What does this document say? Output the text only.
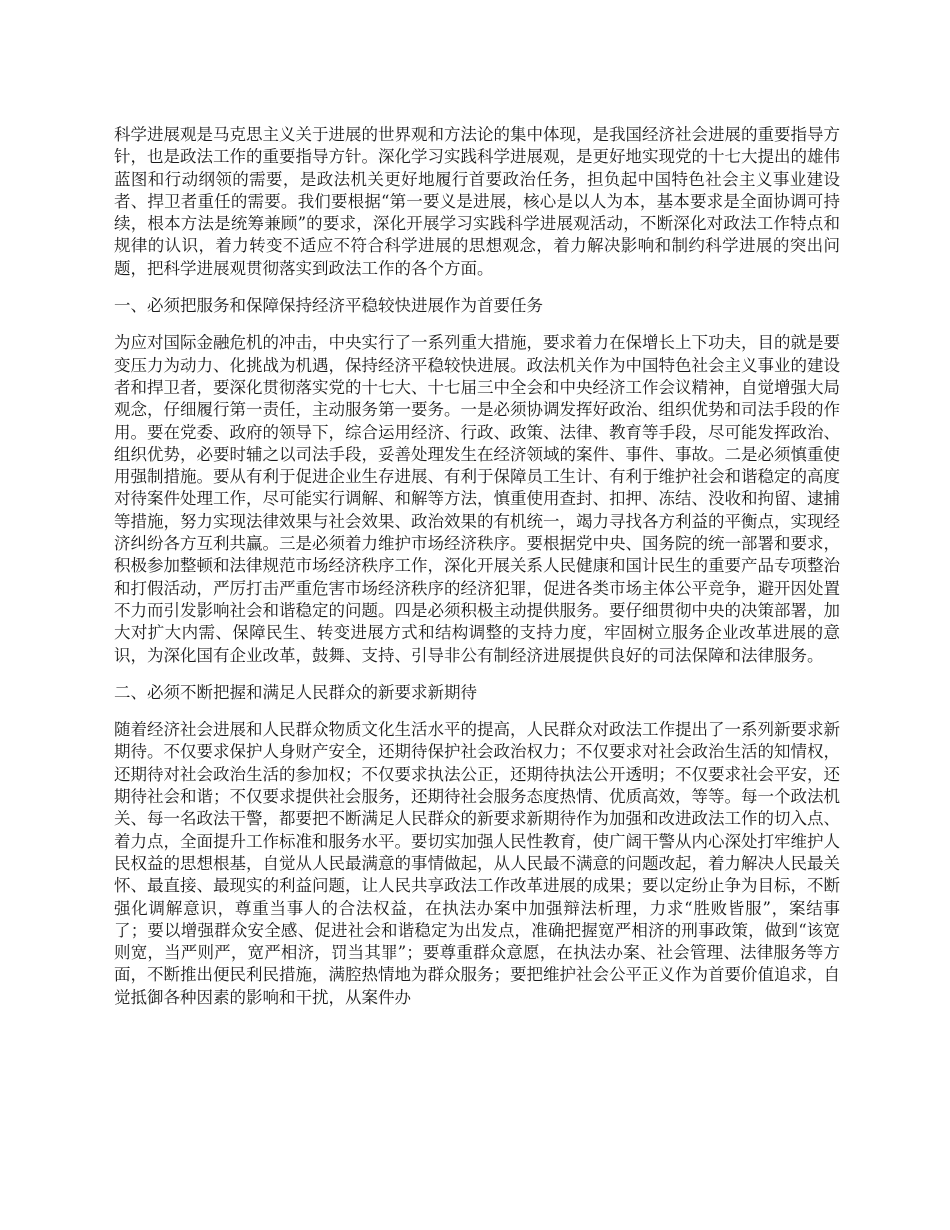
科学进展观是马克思主义关于进展的世界观和方法论的集中体现，是我国经济社会进展的重要指导方针，也是政法工作的重要指导方针。深化学习实践科学进展观，是更好地实现党的十七大提出的雄伟蓝图和行动纲领的需要，是政法机关更好地履行首要政治任务，担负起中国特色社会主义事业建设者、捍卫者重任的需要。我们要根据“第一要义是进展，核心是以人为本，基本要求是全面协调可持续，根本方法是统筹兼顾”的要求，深化开展学习实践科学进展观活动，不断深化对政法工作特点和规律的认识，着力转变不适应不符合科学进展的思想观念，着力解决影响和制约科学进展的突出问题，把科学进展观贯彻落实到政法工作的各个方面。

一、必须把服务和保障保持经济平稳较快进展作为首要任务

为应对国际金融危机的冲击，中央实行了一系列重大措施，要求着力在保增长上下功夫，目的就是要变压力为动力、化挑战为机遇，保持经济平稳较快进展。政法机关作为中国特色社会主义事业的建设者和捍卫者，要深化贯彻落实党的十七大、十七届三中全会和中央经济工作会议精神，自觉增强大局观念，仔细履行第一责任，主动服务第一要务。一是必须协调发挥好政治、组织优势和司法手段的作用。要在党委、政府的领导下，综合运用经济、行政、政策、法律、教育等手段，尽可能发挥政治、组织优势，必要时辅之以司法手段，妥善处理发生在经济领域的案件、事件、事故。二是必须慎重使用强制措施。要从有利于促进企业生存进展、有利于保障员工生计、有利于维护社会和谐稳定的高度对待案件处理工作，尽可能实行调解、和解等方法，慎重使用查封、扣押、冻结、没收和拘留、逮捕等措施，努力实现法律效果与社会效果、政治效果的有机统一，竭力寻找各方利益的平衡点，实现经济纠纷各方互利共赢。三是必须着力维护市场经济秩序。要根据党中央、国务院的统一部署和要求，积极参加整顿和法律规范市场经济秩序工作，深化开展关系人民健康和国计民生的重要产品专项整治和打假活动，严厉打击严重危害市场经济秩序的经济犯罪，促进各类市场主体公平竞争，避开因处置不力而引发影响社会和谐稳定的问题。四是必须积极主动提供服务。要仔细贯彻中央的决策部署，加大对扩大内需、保障民生、转变进展方式和结构调整的支持力度，牢固树立服务企业改革进展的意识，为深化国有企业改革，鼓舞、支持、引导非公有制经济进展提供良好的司法保障和法律服务。

二、必须不断把握和满足人民群众的新要求新期待

随着经济社会进展和人民群众物质文化生活水平的提高，人民群众对政法工作提出了一系列新要求新期待。不仅要求保护人身财产安全，还期待保护社会政治权力；不仅要求对社会政治生活的知情权，还期待对社会政治生活的参加权；不仅要求执法公正，还期待执法公开透明；不仅要求社会平安，还期待社会和谐；不仅要求提供社会服务，还期待社会服务态度热情、优质高效，等等。每一个政法机关、每一名政法干警，都要把不断满足人民群众的新要求新期待作为加强和改进政法工作的切入点、着力点，全面提升工作标准和服务水平。要切实加强人民性教育，使广阔干警从内心深处打牢维护人民权益的思想根基，自觉从人民最满意的事情做起，从人民最不满意的问题改起，着力解决人民最关怀、最直接、最现实的利益问题，让人民共享政法工作改革进展的成果；要以定纷止争为目标，不断强化调解意识，尊重当事人的合法权益，在执法办案中加强辩法析理，力求“胜败皆服”，案结事了；要以增强群众安全感、促进社会和谐稳定为出发点，准确把握宽严相济的刑事政策，做到“该宽则宽，当严则严，宽严相济，罚当其罪”；要尊重群众意愿，在执法办案、社会管理、法律服务等方面，不断推出便民利民措施，满腔热情地为群众服务；要把维护社会公平正义作为首要价值追求，自觉抵御各种因素的影响和干扰，从案件办
